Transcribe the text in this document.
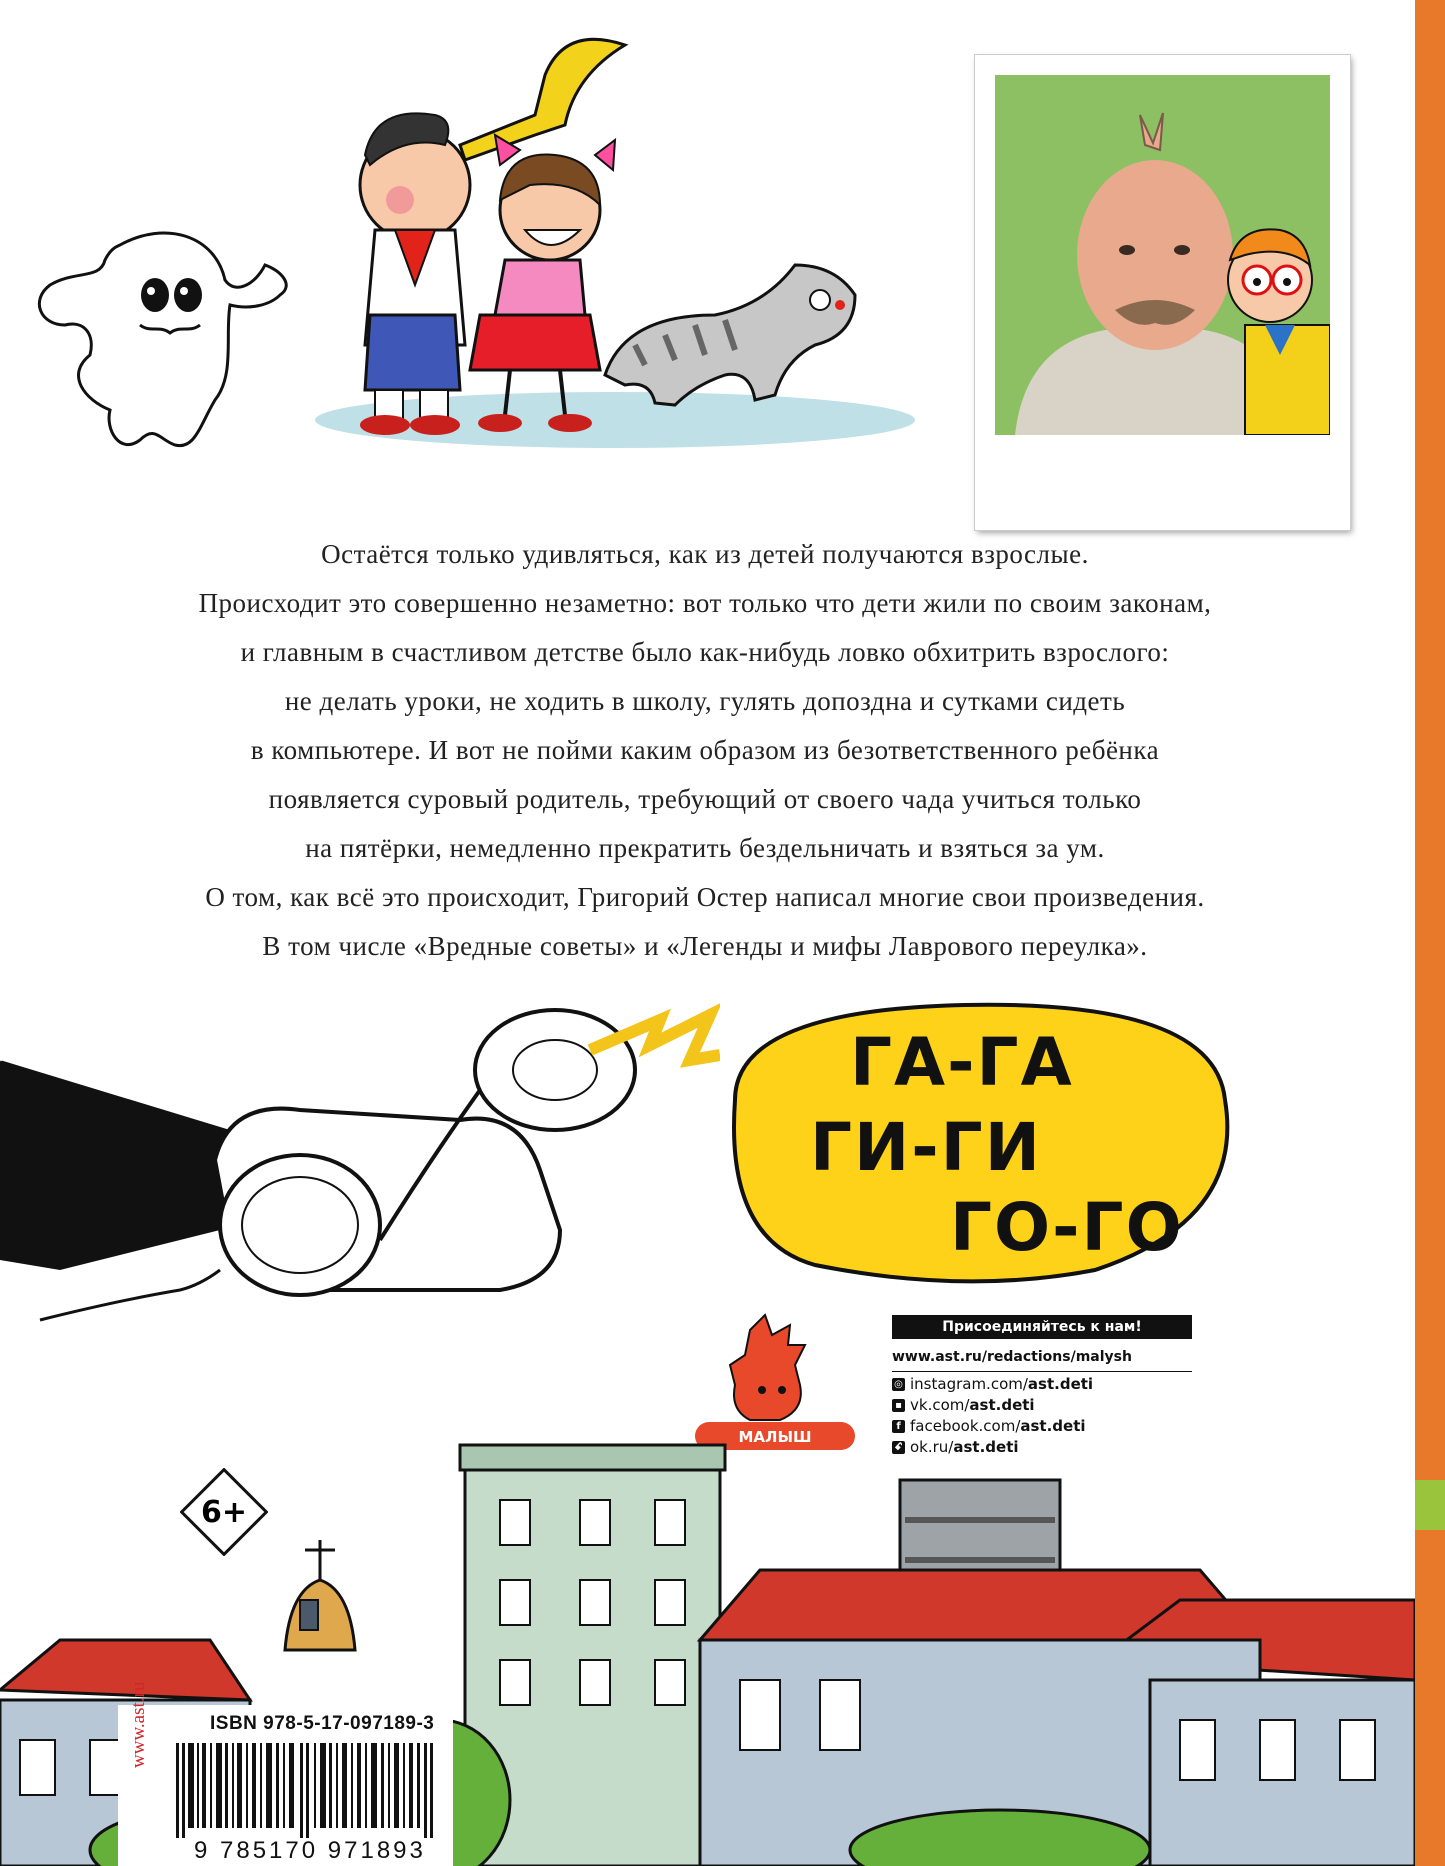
Остаётся только удивляться, как из детей получаются взрослые.

Происходит это совершенно незаметно: вот только что дети жили по своим законам,

и главным в счастливом детстве было как-нибудь ловко обхитрить взрослого:

не делать уроки, не ходить в школу, гулять допоздна и сутками сидеть

в компьютере. И вот не пойми каким образом из безответственного ребёнка

появляется суровый родитель, требующий от своего чада учиться только

на пятёрки, немедленно прекратить бездельничать и взяться за ум.

О том, как всё это происходит, Григорий Остер написал многие свои произведения.

В том числе «Вредные советы» и «Легенды и мифы Лаврового переулка».

ГА-ГА
ГИ-ГИ
ГО-ГО
МАЛЫШ
Присоединяйтесь к нам!
www.ast.ru/redactions/malysh
◎ instagram.com/ ast.deti
▪ vk.com/ ast.deti
f facebook.com/ ast.deti
ꗃ ok.ru/ ast.deti
6+
ISBN 978-5-17-097189-3
9 785170 971893
www.ast.ru
